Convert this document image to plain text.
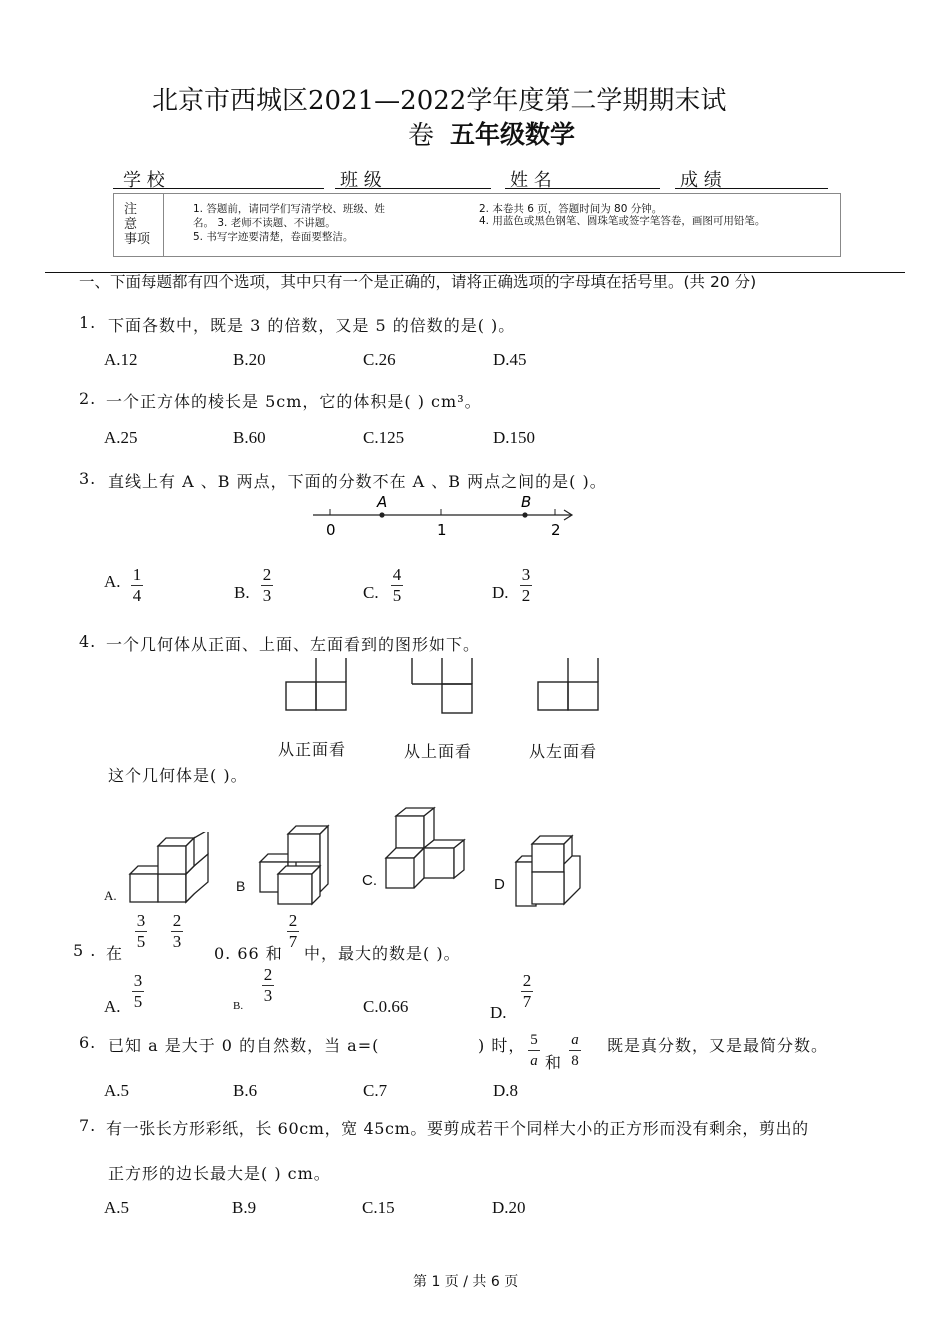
北京市西城区2021—2022学年度第二学期期末试
卷 五年级数学
学 校	班 级	姓 名	成 绩
注
意
事项
1. 答题前，请同学们写清学校、班级、姓
名。 3. 老师不读题、不讲题。
5. 书写字迹要清楚，卷面要整洁。
2. 本卷共 6 页，答题时间为 80 分钟。
4. 用蓝色或黑色钢笔、圆珠笔或签字笔答卷，画图可用铅笔。
一、下面每题都有四个选项，其中只有一个是正确的，请将正确选项的字母填在括号里。(共 20 分)
1. 下面各数中，既是 3 的倍数，又是 5 的倍数的是( )。
A.12	B.20	C.26	D.45
2. 一个正方体的棱长是 5cm，它的体积是( ) cm³。
A.25	B.60	C.125	D.150
3. 直线上有 A 、B 两点，下面的分数不在 A 、B 两点之间的是( )。
0	1	2
A	B
A. 1
4	B.
2
3	C.
4
5	D.
3
2
4. 一个几何体从正面、上面、左面看到的图形如下。
从正面看	从上面看	从左面看
这个几何体是( )。
A.
B	C.	D
5 . 在
3
5
2
3
0. 66 和
2
7
中，最大的数是( )。
A.
3
5	B.
2
3
C.0.66	D.
2
7
6. 已知 a 是大于 0 的自然数，当 a=(	) 时， 5
a 和
a
8
既是真分数，又是最简分数。
A.5	B.6	C.7	D.8
7. 有一张长方形彩纸，长 60cm，宽 45cm。要剪成若干个同样大小的正方形而没有剩余，剪出的
正方形的边长最大是( ) cm。
A.5	B.9	C.15	D.20
第 1 页 / 共 6 页
